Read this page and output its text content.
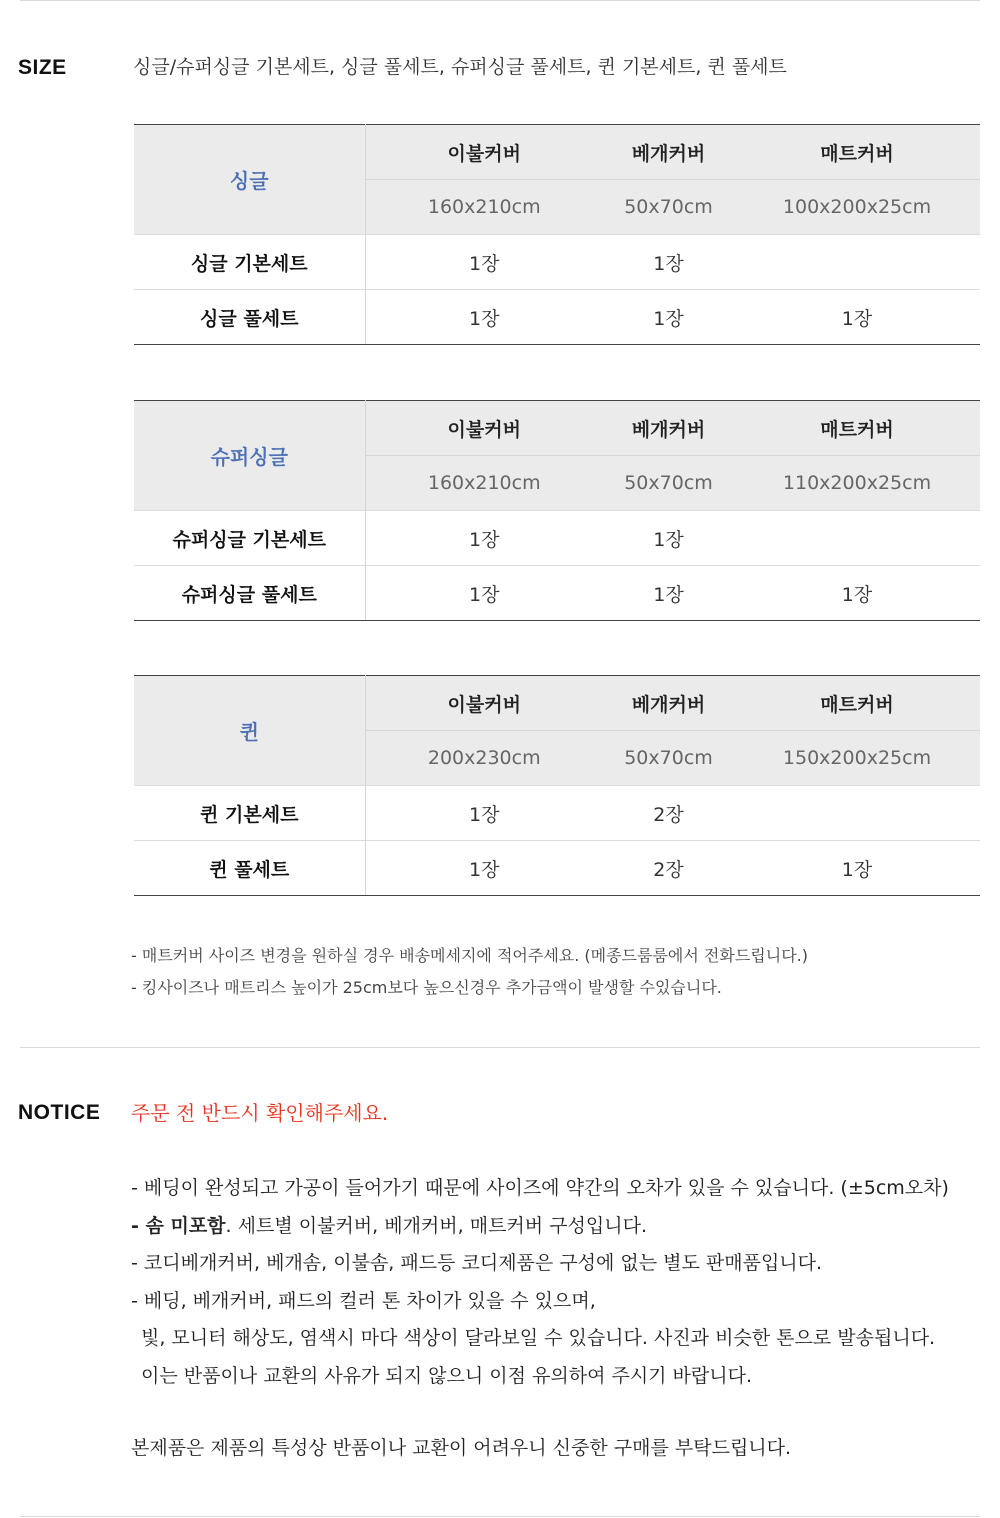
SIZE	싱글/슈퍼싱글 기본세트, 싱글 풀세트, 슈퍼싱글 풀세트, 퀸 기본세트, 퀸 풀세트
싱글	이불커버	베개커버	매트커버
	160x210cm	50x70cm	100x200x25cm
싱글 기본세트	1장	1장	
싱글 풀세트	1장	1장	1장
슈퍼싱글	이불커버	베개커버	매트커버
	160x210cm	50x70cm	110x200x25cm
슈퍼싱글 기본세트	1장	1장	
슈퍼싱글 풀세트	1장	1장	1장
퀸	이불커버	베개커버	매트커버
	200x230cm	50x70cm	150x200x25cm
퀸 기본세트	1장	2장	
퀸 풀세트	1장	2장	1장
- 매트커버 사이즈 변경을 원하실 경우 배송메세지에 적어주세요. (메종드룸룸에서 전화드립니다.)
- 킹사이즈나 매트리스 높이가 25cm보다 높으신경우 추가금액이 발생할 수있습니다.
NOTICE 주문 전 반드시 확인해주세요.
- 베딩이 완성되고 가공이 들어가기 때문에 사이즈에 약간의 오차가 있을 수 있습니다. (±5cm오차)
- 솜 미포함. 세트별 이불커버, 베개커버, 매트커버 구성입니다.
- 코디베개커버, 베개솜, 이불솜, 패드등 코디제품은 구성에 없는 별도 판매품입니다.
- 베딩, 베개커버, 패드의 컬러 톤 차이가 있을 수 있으며,
빛, 모니터 해상도, 염색시 마다 색상이 달라보일 수 있습니다. 사진과 비슷한 톤으로 발송됩니다.
이는 반품이나 교환의 사유가 되지 않으니 이점 유의하여 주시기 바랍니다.
본제품은 제품의 특성상 반품이나 교환이 어려우니 신중한 구매를 부탁드립니다.
